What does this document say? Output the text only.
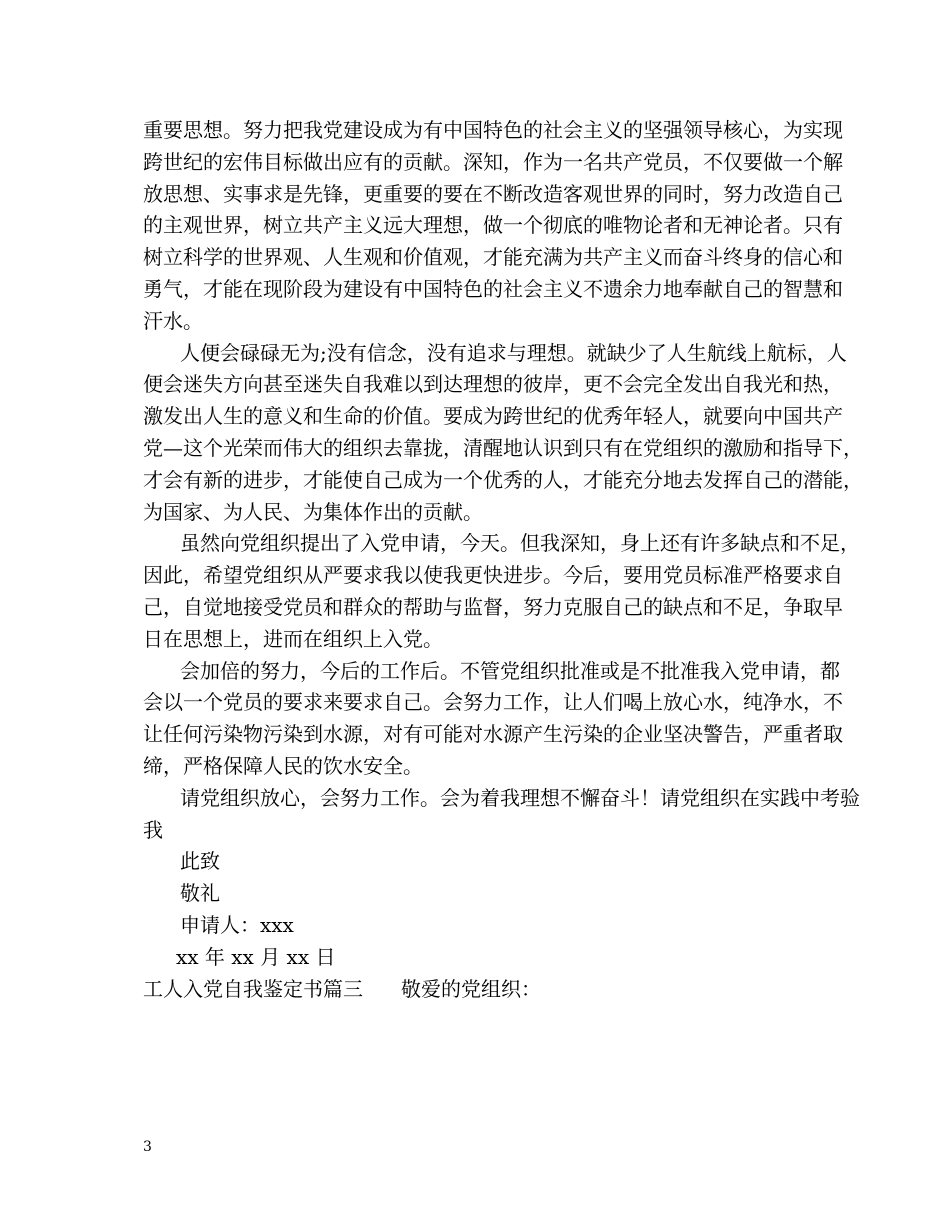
重要思想。努力把我党建设成为有中国特色的社会主义的坚强领导核心，为实现
跨世纪的宏伟目标做出应有的贡献。深知，作为一名共产党员，不仅要做一个解
放思想、实事求是先锋，更重要的要在不断改造客观世界的同时，努力改造自己
的主观世界，树立共产主义远大理想，做一个彻底的唯物论者和无神论者。只有
树立科学的世界观、人生观和价值观，才能充满为共产主义而奋斗终身的信心和
勇气，才能在现阶段为建设有中国特色的社会主义不遗余力地奉献自己的智慧和
汗水。
人便会碌碌无为;没有信念，没有追求与理想。就缺少了人生航线上航标，人
便会迷失方向甚至迷失自我难以到达理想的彼岸，更不会完全发出自我光和热，
激发出人生的意义和生命的价值。要成为跨世纪的优秀年轻人，就要向中国共产
党—这个光荣而伟大的组织去靠拢，清醒地认识到只有在党组织的激励和指导下，
才会有新的进步，才能使自己成为一个优秀的人，才能充分地去发挥自己的潜能，
为国家、为人民、为集体作出的贡献。
虽然向党组织提出了入党申请，今天。但我深知，身上还有许多缺点和不足，
因此，希望党组织从严要求我以使我更快进步。今后，要用党员标准严格要求自
己，自觉地接受党员和群众的帮助与监督，努力克服自己的缺点和不足，争取早
日在思想上，进而在组织上入党。
会加倍的努力，今后的工作后。不管党组织批准或是不批准我入党申请，都
会以一个党员的要求来要求自己。会努力工作，让人们喝上放心水，纯净水，不
让任何污染物污染到水源，对有可能对水源产生污染的企业坚决警告，严重者取
缔，严格保障人民的饮水安全。
请党组织放心，会努力工作。会为着我理想不懈奋斗！请党组织在实践中考验
我
此致
敬礼
申请人：xxx
xx 年 xx 月 xx 日
工人入党自我鉴定书篇三 敬爱的党组织：
3
